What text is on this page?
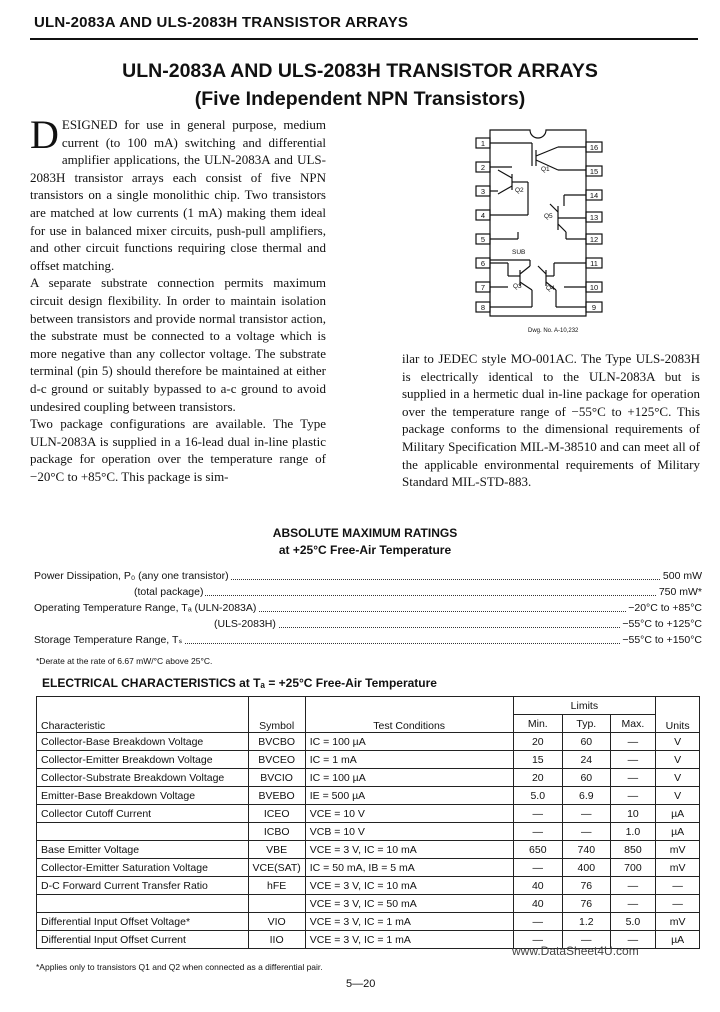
ULN-2083A AND ULS-2083H TRANSISTOR ARRAYS
ULN-2083A AND ULS-2083H TRANSISTOR ARRAYS
(Five Independent NPN Transistors)

DESIGNED for use in general purpose, medium current (to 100 mA) switching and differential amplifier applications, the ULN-2083A and ULS-2083H transistor arrays each consist of five NPN transistors on a single monolithic chip. Two transistors are matched at low currents (1 mA) making them ideal for use in balanced mixer circuits, push-pull amplifiers, and other circuit functions requiring close thermal and offset matching.

A separate substrate connection permits maximum circuit design flexibility. In order to maintain isolation between transistors and provide normal transistor action, the substrate must be connected to a voltage which is more negative than any collector voltage. The substrate terminal (pin 5) should therefore be maintained at either d-c ground or suitably bypassed to a-c ground to avoid undesired coupling between transistors.

Two package configurations are available. The Type ULN-2083A is supplied in a 16-lead dual in-line plastic package for operation over the temperature range of −20°C to +85°C. This package is sim-

1
2
3
4
5
6
7
8
16
15
14
13
12
11
10
9
Q1
Q2
Q3	Q4
Q5
SUB
Dwg. No. A-10,232

ilar to JEDEC style MO-001AC. The Type ULS-2083H is electrically identical to the ULN-2083A but is supplied in a hermetic dual in-line package for operation over the temperature range of −55°C to +125°C. This package conforms to the dimensional requirements of Military Specification MIL-M-38510 and can meet all of the applicable environmental requirements of Military Standard MIL-STD-883.

ABSOLUTE MAXIMUM RATINGS
at +25°C Free-Air Temperature
Power Dissipation, P₀ (any one transistor)	500 mW
(total package)	750 mW*
Operating Temperature Range, Tₐ (ULN-2083A)	−20°C to +85°C
(ULS-2083H)	−55°C to +125°C
Storage Temperature Range, Tₛ	−55°C to +150°C
*Derate at the rate of 6.67 mW/°C above 25°C.
ELECTRICAL CHARACTERISTICS at Tₐ = +25°C Free-Air Temperature
Characteristic	Symbol	Test Conditions	Limits			Units
			Min.	Typ.	Max.	
Collector-Base Breakdown Voltage	BV⁣CBO	I⁣C = 100 µA	20	60	—	V
Collector-Emitter Breakdown Voltage	BV⁣CEO	I⁣C = 1 mA	15	24	—	V
Collector-Substrate Breakdown Voltage	BV⁣CIO	I⁣C = 100 µA	20	60	—	V
Emitter-Base Breakdown Voltage	BV⁣EBO	I⁣E = 500 µA	5.0	6.9	—	V
Collector Cutoff Current	I⁣CEO	V⁣CE = 10 V	—	—	10	µA
	I⁣CBO	V⁣CB = 10 V	—	—	1.0	µA
Base Emitter Voltage	V⁣BE	V⁣CE = 3 V, I⁣C = 10 mA	650	740	850	mV
Collector-Emitter Saturation Voltage	V⁣CE(SAT)	I⁣C = 50 mA, I⁣B = 5 mA	—	400	700	mV
D-C Forward Current Transfer Ratio	h⁣FE	V⁣CE = 3 V, I⁣C = 10 mA	40	76	—	—
		V⁣CE = 3 V, I⁣C = 50 mA	40	76	—	—
Differential Input Offset Voltage*	V⁣IO	V⁣CE = 3 V, I⁣C = 1 mA	—	1.2	5.0	mV
Differential Input Offset Current	I⁣IO	V⁣CE = 3 V, I⁣C = 1 mA	—	—	—	µA
*Applies only to transistors Q1 and Q2 when connected as a differential pair.
www.DataSheet4U.com
5—20
